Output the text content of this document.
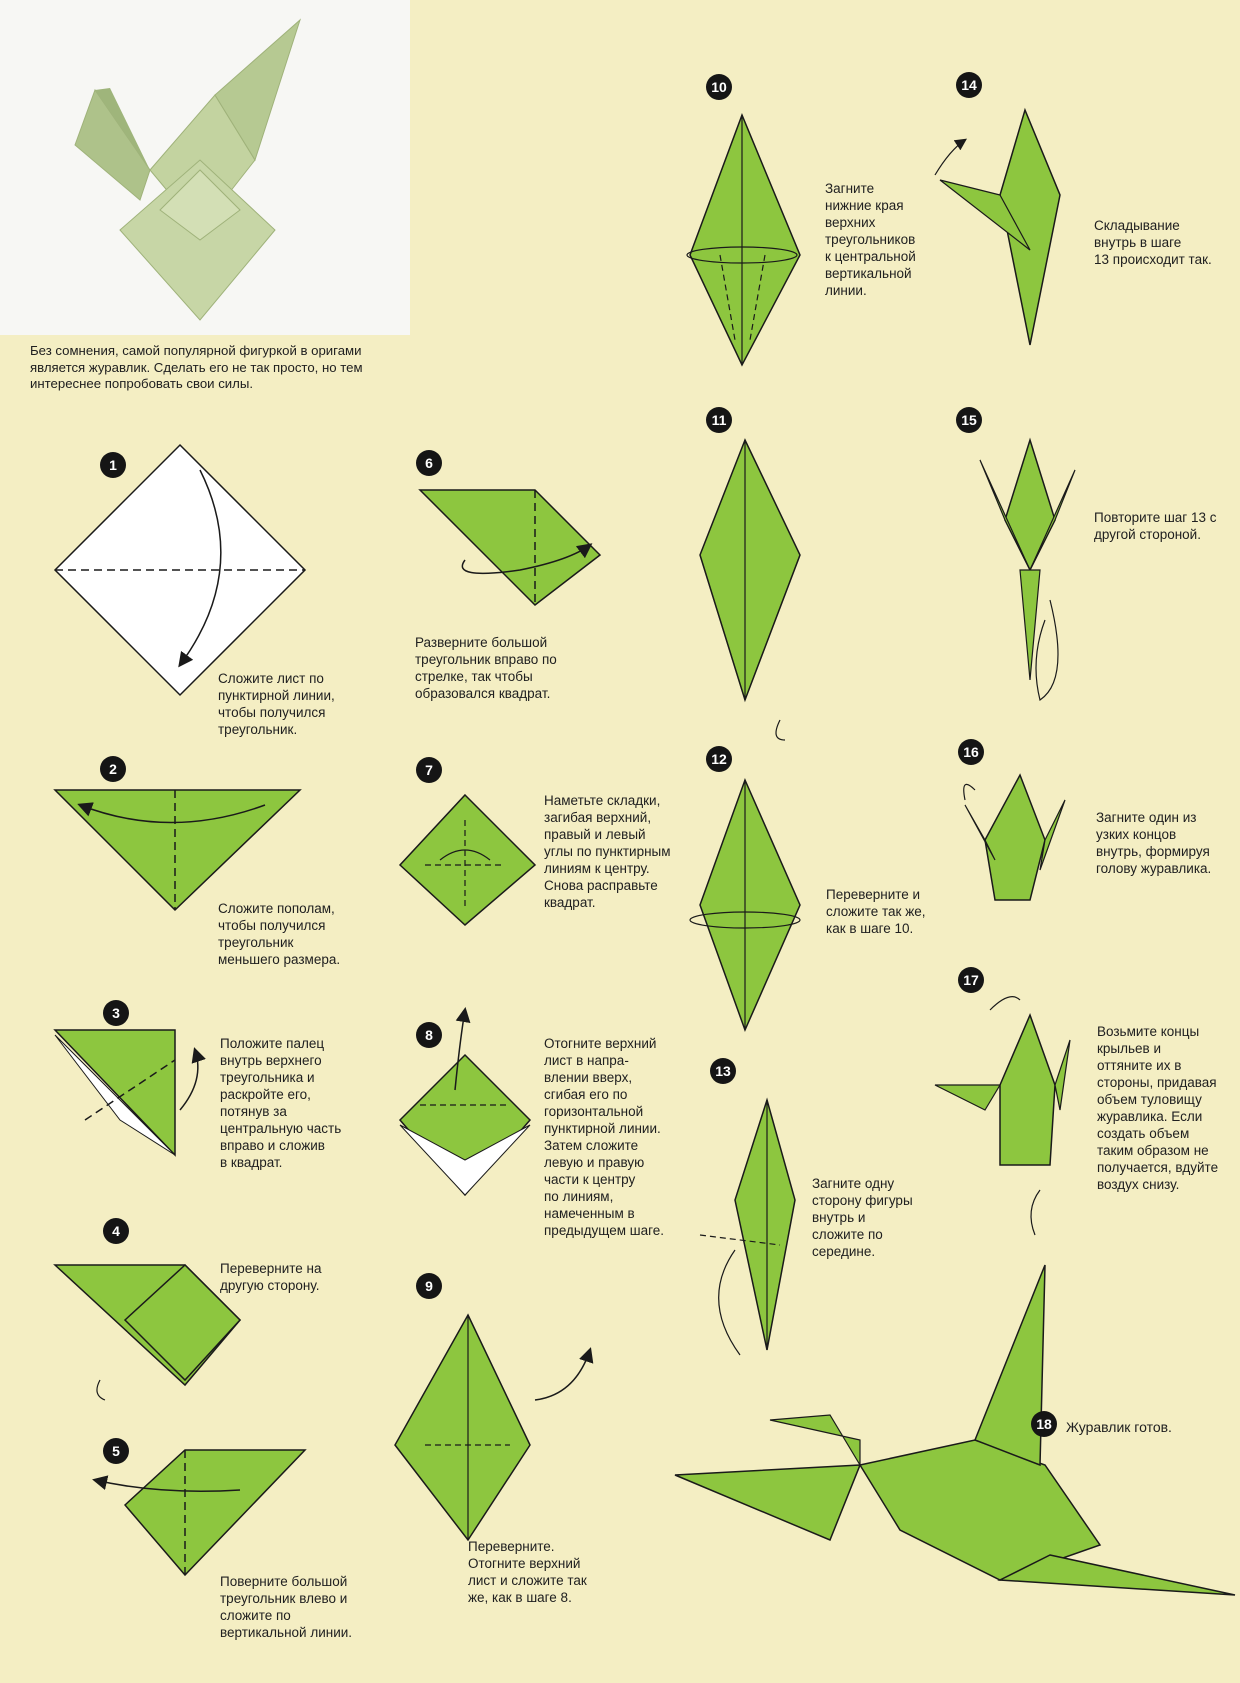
Без сомнения, самой популярной фигуркой в оригами
является журавлик. Сделать его не так просто, но тем
интереснее попробовать свои силы.
1
2
3
4
5
6
7
8
9
10
11
12
13
14
15
16
17
18
Сложите лист по
пунктирной линии,
чтобы получился
треугольник.
Сложите пополам,
чтобы получился
треугольник
меньшего размера.
Положите палец
внутрь верхнего
треугольника и
раскройте его,
потянув за
центральную часть
вправо и сложив
в квадрат.
Переверните на
другую сторону.
Поверните большой
треугольник влево и
сложите по
вертикальной линии.
Разверните большой
треугольник вправо по
стрелке, так чтобы
образовался квадрат.
Наметьте складки,
загибая верхний,
правый и левый
углы по пунктирным
линиям к центру.
Снова расправьте
квадрат.
Отогните верхний
лист в напра-
влении вверх,
сгибая его по
горизонтальной
пунктирной линии.
Затем сложите
левую и правую
части к центру
по линиям,
намеченным в
предыдущем шаге.
Переверните.
Отогните верхний
лист и сложите так
же, как в шаге 8.
Загните
нижние края
верхних
треугольников
к центральной
вертикальной
линии.
Переверните и
сложите так же,
как в шаге 10.
Загните одну
сторону фигуры
внутрь и
сложите по
середине.
Складывание
внутрь в шаге
13 происходит так.
Повторите шаг 13 с
другой стороной.
Загните один из
узких концов
внутрь, формируя
голову журавлика.
Возьмите концы
крыльев и
оттяните их в
стороны, придавая
объем туловищу
журавлика. Если
создать объем
таким образом не
получается, вдуйте
воздух снизу.
Журавлик готов.
